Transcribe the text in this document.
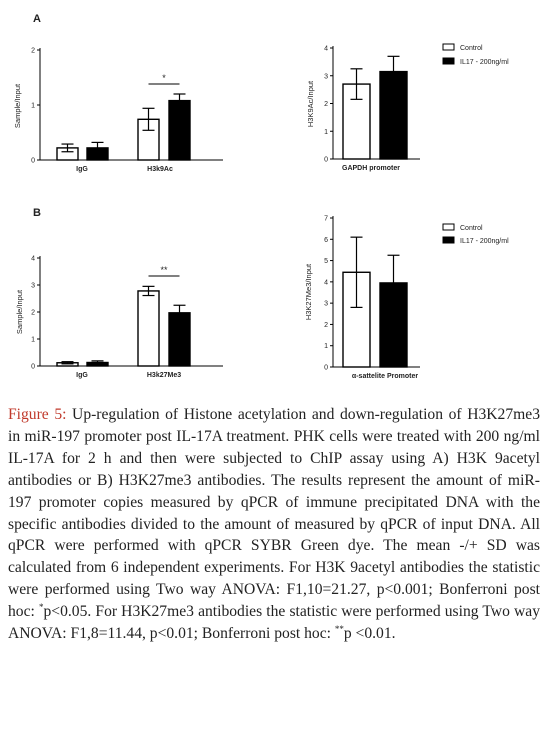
A
B
Control
IL17 - 200ng/ml
Control
IL17 - 200ng/ml
0
1
2
Sample/Input
IgG	H3k9Ac
*
0
1
2
3
4
H3K9Ac/Input
GAPDH promoter
0
1
2
3
4
Sample/Input
IgG	H3k27Me3
**
0
1
2
3
4
5
6
7
H3K27Me3/Input
α-sattelite Promoter
Figure 5: Up-regulation of Histone acetylation and down-regulation of H3K27me3 in miR-197 promoter post IL-17A treatment. PHK cells were treated with 200 ng/ml IL-17A for 2 h and then were subjected to ChIP assay using A) H3K 9acetyl antibodies or B) H3K27me3 antibodies. The results represent the amount of miR-197 promoter copies measured by qPCR of immune precipitated DNA with the specific antibodies divided to the amount of measured by qPCR of input DNA. All qPCR were performed with qPCR SYBR Green dye. The mean -/+ SD was calculated from 6 independent experiments. For H3K 9acetyl antibodies the statistic were performed using Two way ANOVA: F1,10=21.27, p<0.001; Bonferroni post hoc: *p<0.05. For H3K27me3 antibodies the statistic were performed using Two way ANOVA: F1,8=11.44, p<0.01; Bonferroni post hoc: **p <0.01.
